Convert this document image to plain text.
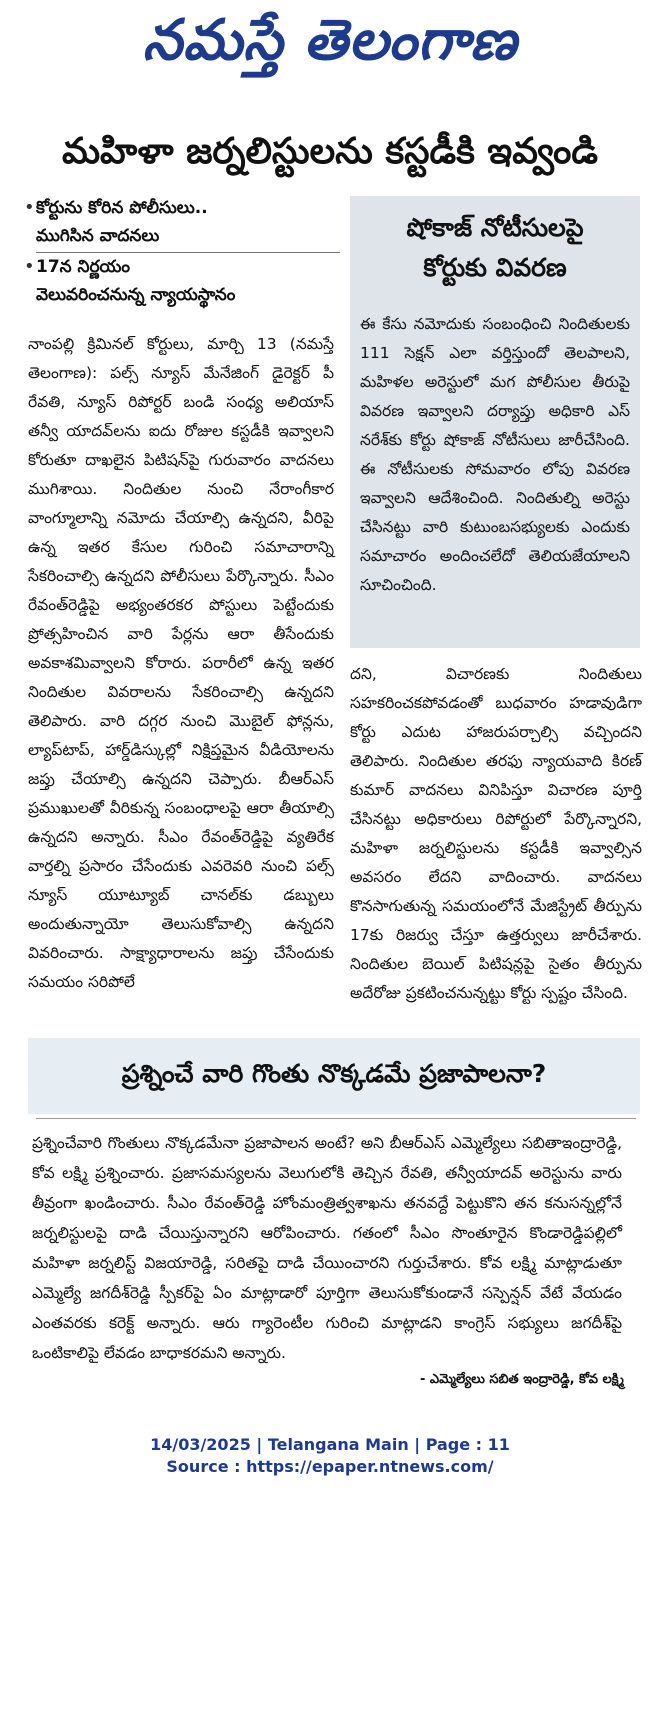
నమస్తే తెలంగాణ
మహిళా జర్నలిస్టులను కస్టడీకి ఇవ్వండి
• కోర్టును కోరిన పోలీసులు..
ముగిసిన వాదనలు
• 17న నిర్ణయం
వెలువరించనున్న న్యాయస్థానం
షోకాజ్ నోటీసులపై
కోర్టుకు వివరణ
ఈ కేసు నమోదుకు సంబంధించి నిందితులకు 111 సెక్షన్ ఎలా వర్తిస్తుందో తెలపాలని, మహిళల అరెస్టులో మగ పోలీసుల తీరుపై వివరణ ఇవ్వాలని దర్యాప్తు అధికారి ఎస్ నరేశ్‌కు కోర్టు షోకాజ్ నోటీసులు జారీచేసింది. ఈ నోటీసులకు సోమవారం లోపు వివరణ ఇవ్వాలని ఆదేశించింది. నిందితుల్ని అరెస్టు చేసినట్టు వారి కుటుంబసభ్యులకు ఎందుకు సమాచారం అందించలేదో తెలియజేయాలని సూచించింది.
నాంపల్లి క్రిమినల్ కోర్టులు, మార్చి 13 (నమస్తే తెలంగాణ): పల్స్ న్యూస్ మేనేజింగ్ డైరెక్టర్ పీ రేవతి, న్యూస్ రిపోర్టర్ బండి సంధ్య అలియాస్ తన్వీ యాదవ్‌లను ఐదు రోజుల కస్టడీకి ఇవ్వాలని కోరుతూ దాఖలైన పిటిషన్‌పై గురువారం వాదనలు ముగిశాయి. నిందితుల నుంచి నేరాంగీకార వాంగ్మూలాన్ని నమోదు చేయాల్సి ఉన్నదని, వీరిపై ఉన్న ఇతర కేసుల గురించి సమాచారాన్ని సేకరించాల్సి ఉన్నదని పోలీసులు పేర్కొన్నారు. సీఎం రేవంత్‌రెడ్డిపై అభ్యంతరకర పోస్టులు పెట్టేందుకు ప్రోత్సహించిన వారి పేర్లను ఆరా తీసేందుకు అవకాశమివ్వాలని కోరారు. పరారీలో ఉన్న ఇతర నిందితుల వివరాలను సేకరించాల్సి ఉన్నదని తెలిపారు. వారి దగ్గర నుంచి మొబైల్ ఫోన్లను, ల్యాప్‌టాప్, హార్డ్‌డిస్కుల్లో నిక్షిప్తమైన వీడియోలను జప్తు చేయాల్సి ఉన్నదని చెప్పారు. బీఆర్‌ఎస్ ప్రముఖులతో వీరికున్న సంబంధాలపై ఆరా తీయాల్సి ఉన్నదని అన్నారు. సీఎం రేవంత్‌రెడ్డిపై వ్యతిరేక వార్తల్ని ప్రసారం చేసేందుకు ఎవరెవరి నుంచి పల్స్ న్యూస్ యూట్యూబ్ చానల్‌కు డబ్బులు అందుతున్నాయో తెలుసుకోవాల్సి ఉన్నదని వివరించారు. సాక్ష్యాధారాలను జప్తు చేసేందుకు సమయం సరిపోలే
దని, విచారణకు నిందితులు సహకరించకపోవడంతో బుధవారం హడావుడిగా కోర్టు ఎదుట హాజరుపర్చాల్సి వచ్చిందని తెలిపారు. నిందితుల తరఫు న్యాయవాది కిరణ్ కుమార్ వాదనలు వినిపిస్తూ విచారణ పూర్తి చేసినట్టు అధికారులు రిపోర్టులో పేర్కొన్నారని, మహిళా జర్నలిస్టులను కస్టడీకి ఇవ్వాల్సిన అవసరం లేదని వాదించారు. వాదనలు కొనసాగుతున్న సమయంలోనే మేజిస్ట్రేట్ తీర్పును 17కు రిజర్వు చేస్తూ ఉత్తర్వులు జారీచేశారు. నిందితుల బెయిల్ పిటిషన్లపై సైతం తీర్పును అదేరోజు ప్రకటించనున్నట్టు కోర్టు స్పష్టం చేసింది.
ప్రశ్నించే వారి గొంతు నొక్కడమే ప్రజాపాలనా?
ప్రశ్నించేవారి గొంతులు నొక్కడమేనా ప్రజాపాలన అంటే? అని బీఆర్‌ఎస్ ఎమ్మెల్యేలు సబితాఇంద్రారెడ్డి, కోవ లక్ష్మి ప్రశ్నించారు. ప్రజాసమస్యలను వెలుగులోకి తెచ్చిన రేవతి, తన్వీయాదవ్ అరెస్టును వారు తీవ్రంగా ఖండించారు. సీఎం రేవంత్‌రెడ్డి హోంమంత్రిత్వశాఖను తనవద్దే పెట్టుకొని తన కనుసన్నల్లోనే జర్నలిస్టులపై దాడి చేయిస్తున్నారని ఆరోపించారు. గతంలో సీఎం సొంతూరైన కొండారెడ్డిపల్లిలో మహిళా జర్నలిస్ట్ విజయారెడ్డి, సరితపై దాడి చేయించారని గుర్తుచేశారు. కోవ లక్ష్మి మాట్లాడుతూ ఎమ్మెల్యే జగదీశ్‌రెడ్డి స్పీకర్‌పై ఏం మాట్లాడారో పూర్తిగా తెలుసుకోకుండానే సస్పెన్షన్ వేటే వేయడం ఎంతవరకు కరెక్ట్ అన్నారు. ఆరు గ్యారెంటీల గురించి మాట్లాడని కాంగ్రెస్ సభ్యులు జగదీశ్‌పై ఒంటికాలిపై లేవడం బాధాకరమని అన్నారు.
- ఎమ్మెల్యేలు సబిత ఇంద్రారెడ్డి, కోవ లక్ష్మి
14/03/2025 | Telangana Main | Page : 11
Source : https://epaper.ntnews.com/
